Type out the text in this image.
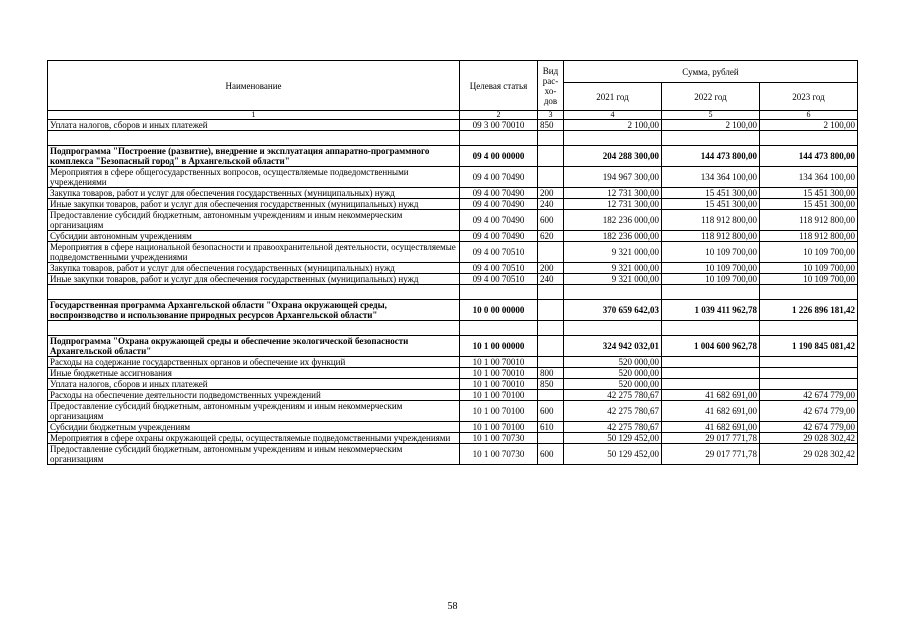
Наименование	Целевая статья	Вид рас-хо-дов	Сумма, рублей		
			2021 год	2022 год	2023 год
1	2	3	4	5	6
Уплата налогов, сборов и иных платежей	09 3 00 70010	850	2 100,00	2 100,00	2 100,00

Подпрограмма "Построение (развитие), внедрение и эксплуатация аппаратно-программного комплекса "Безопасный город" в Архангельской области"	09 4 00 00000		204 288 300,00	144 473 800,00	144 473 800,00
Мероприятия в сфере общегосударственных вопросов, осуществляемые подведомственными учреждениями	09 4 00 70490		194 967 300,00	134 364 100,00	134 364 100,00
Закупка товаров, работ и услуг для обеспечения государственных (муниципальных) нужд	09 4 00 70490	200	12 731 300,00	15 451 300,00	15 451 300,00
Иные закупки товаров, работ и услуг для обеспечения государственных (муниципальных) нужд	09 4 00 70490	240	12 731 300,00	15 451 300,00	15 451 300,00
Предоставление субсидий бюджетным, автономным учреждениям и иным некоммерческим организациям	09 4 00 70490	600	182 236 000,00	118 912 800,00	118 912 800,00
Субсидии автономным учреждениям	09 4 00 70490	620	182 236 000,00	118 912 800,00	118 912 800,00
Мероприятия в сфере национальной безопасности и правоохранительной деятельности, осуществляемые подведомственными учреждениями	09 4 00 70510		9 321 000,00	10 109 700,00	10 109 700,00
Закупка товаров, работ и услуг для обеспечения государственных (муниципальных) нужд	09 4 00 70510	200	9 321 000,00	10 109 700,00	10 109 700,00
Иные закупки товаров, работ и услуг для обеспечения государственных (муниципальных) нужд	09 4 00 70510	240	9 321 000,00	10 109 700,00	10 109 700,00

Государственная программа Архангельской области "Охрана окружающей среды, воспроизводство и использование природных ресурсов Архангельской области"	10 0 00 00000		370 659 642,03	1 039 411 962,78	1 226 896 181,42

Подпрограмма "Охрана окружающей среды и обеспечение экологической безопасности Архангельской области"	10 1 00 00000		324 942 032,01	1 004 600 962,78	1 190 845 081,42
Расходы на содержание государственных органов и обеспечение их функций	10 1 00 70010		520 000,00		
Иные бюджетные ассигнования	10 1 00 70010	800	520 000,00		
Уплата налогов, сборов и иных платежей	10 1 00 70010	850	520 000,00		
Расходы на обеспечение деятельности подведомственных учреждений	10 1 00 70100		42 275 780,67	41 682 691,00	42 674 779,00
Предоставление субсидий бюджетным, автономным учреждениям и иным некоммерческим организациям	10 1 00 70100	600	42 275 780,67	41 682 691,00	42 674 779,00
Субсидии бюджетным учреждениям	10 1 00 70100	610	42 275 780,67	41 682 691,00	42 674 779,00
Мероприятия в сфере охраны окружающей среды, осуществляемые подведомственными учреждениями	10 1 00 70730		50 129 452,00	29 017 771,78	29 028 302,42
Предоставление субсидий бюджетным, автономным учреждениям и иным некоммерческим организациям	10 1 00 70730	600	50 129 452,00	29 017 771,78	29 028 302,42
58
